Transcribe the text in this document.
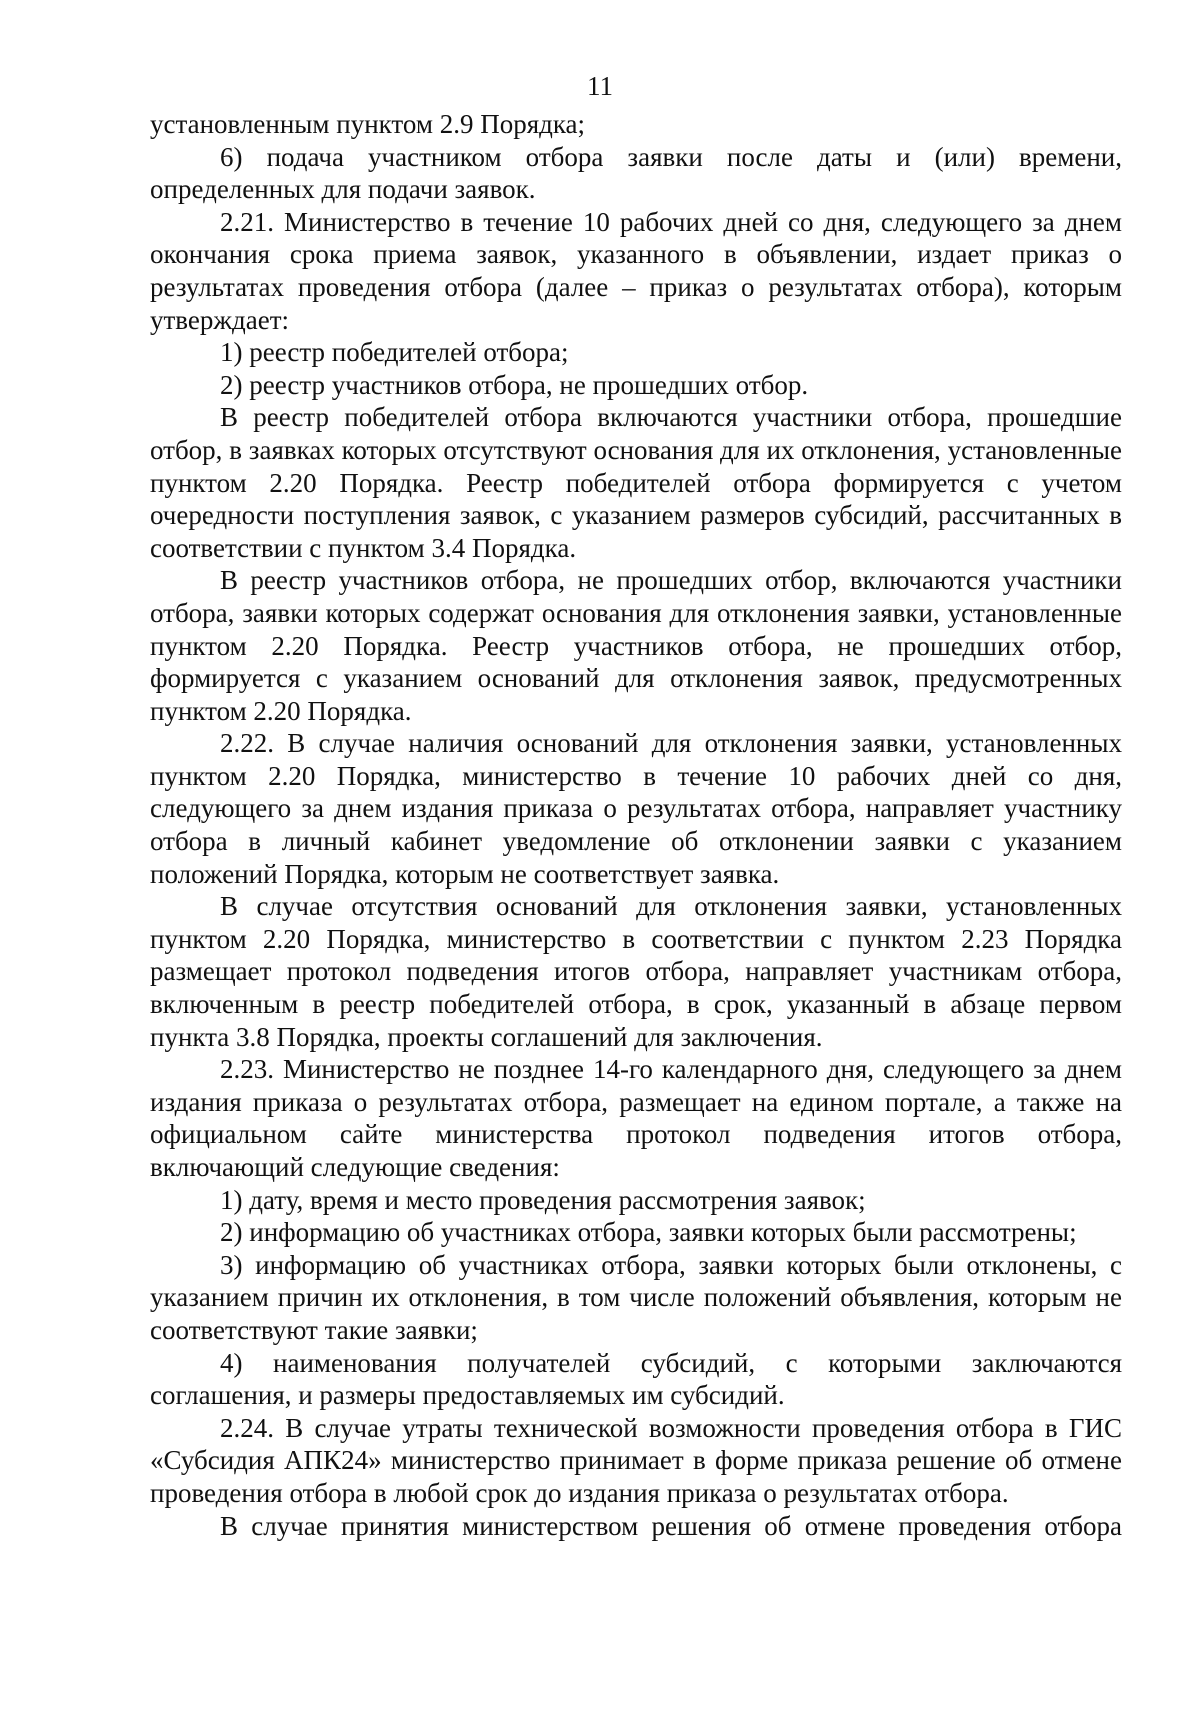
11

установленным пунктом 2.9 Порядка;

6) подача участником отбора заявки после даты и (или) времени, определенных для подачи заявок.

2.21. Министерство в течение 10 рабочих дней со дня, следующего за днем окончания срока приема заявок, указанного в объявлении, издает приказ о результатах проведения отбора (далее – приказ о результатах отбора), которым утверждает:

1) реестр победителей отбора;

2) реестр участников отбора, не прошедших отбор.

В реестр победителей отбора включаются участники отбора, прошедшие отбор, в заявках которых отсутствуют основания для их отклонения, установленные пунктом 2.20 Порядка. Реестр победителей отбора формируется с учетом очередности поступления заявок, с указанием размеров субсидий, рассчитанных в соответствии с пунктом 3.4 Порядка.

В реестр участников отбора, не прошедших отбор, включаются участники отбора, заявки которых содержат основания для отклонения заявки, установленные пунктом 2.20 Порядка. Реестр участников отбора, не прошедших отбор, формируется с указанием оснований для отклонения заявок, предусмотренных пунктом 2.20 Порядка.

2.22. В случае наличия оснований для отклонения заявки, установленных пунктом 2.20 Порядка, министерство в течение 10 рабочих дней со дня, следующего за днем издания приказа о результатах отбора, направляет участнику отбора в личный кабинет уведомление об отклонении заявки с указанием положений Порядка, которым не соответствует заявка.

В случае отсутствия оснований для отклонения заявки, установленных пунктом 2.20 Порядка, министерство в соответствии с пунктом 2.23 Порядка размещает протокол подведения итогов отбора, направляет участникам отбора, включенным в реестр победителей отбора, в срок, указанный в абзаце первом пункта 3.8 Порядка, проекты соглашений для заключения.

2.23. Министерство не позднее 14-го календарного дня, следующего за днем издания приказа о результатах отбора, размещает на едином портале, а также на официальном сайте министерства протокол подведения итогов отбора, включающий следующие сведения:

1) дату, время и место проведения рассмотрения заявок;

2) информацию об участниках отбора, заявки которых были рассмотрены;

3) информацию об участниках отбора, заявки которых были отклонены, с указанием причин их отклонения, в том числе положений объявления, которым не соответствуют такие заявки;

4) наименования получателей субсидий, с которыми заключаются соглашения, и размеры предоставляемых им субсидий.

2.24. В случае утраты технической возможности проведения отбора в ГИС «Субсидия АПК24» министерство принимает в форме приказа решение об отмене проведения отбора в любой срок до издания приказа о результатах отбора.

В случае принятия министерством решения об отмене проведения отбора
